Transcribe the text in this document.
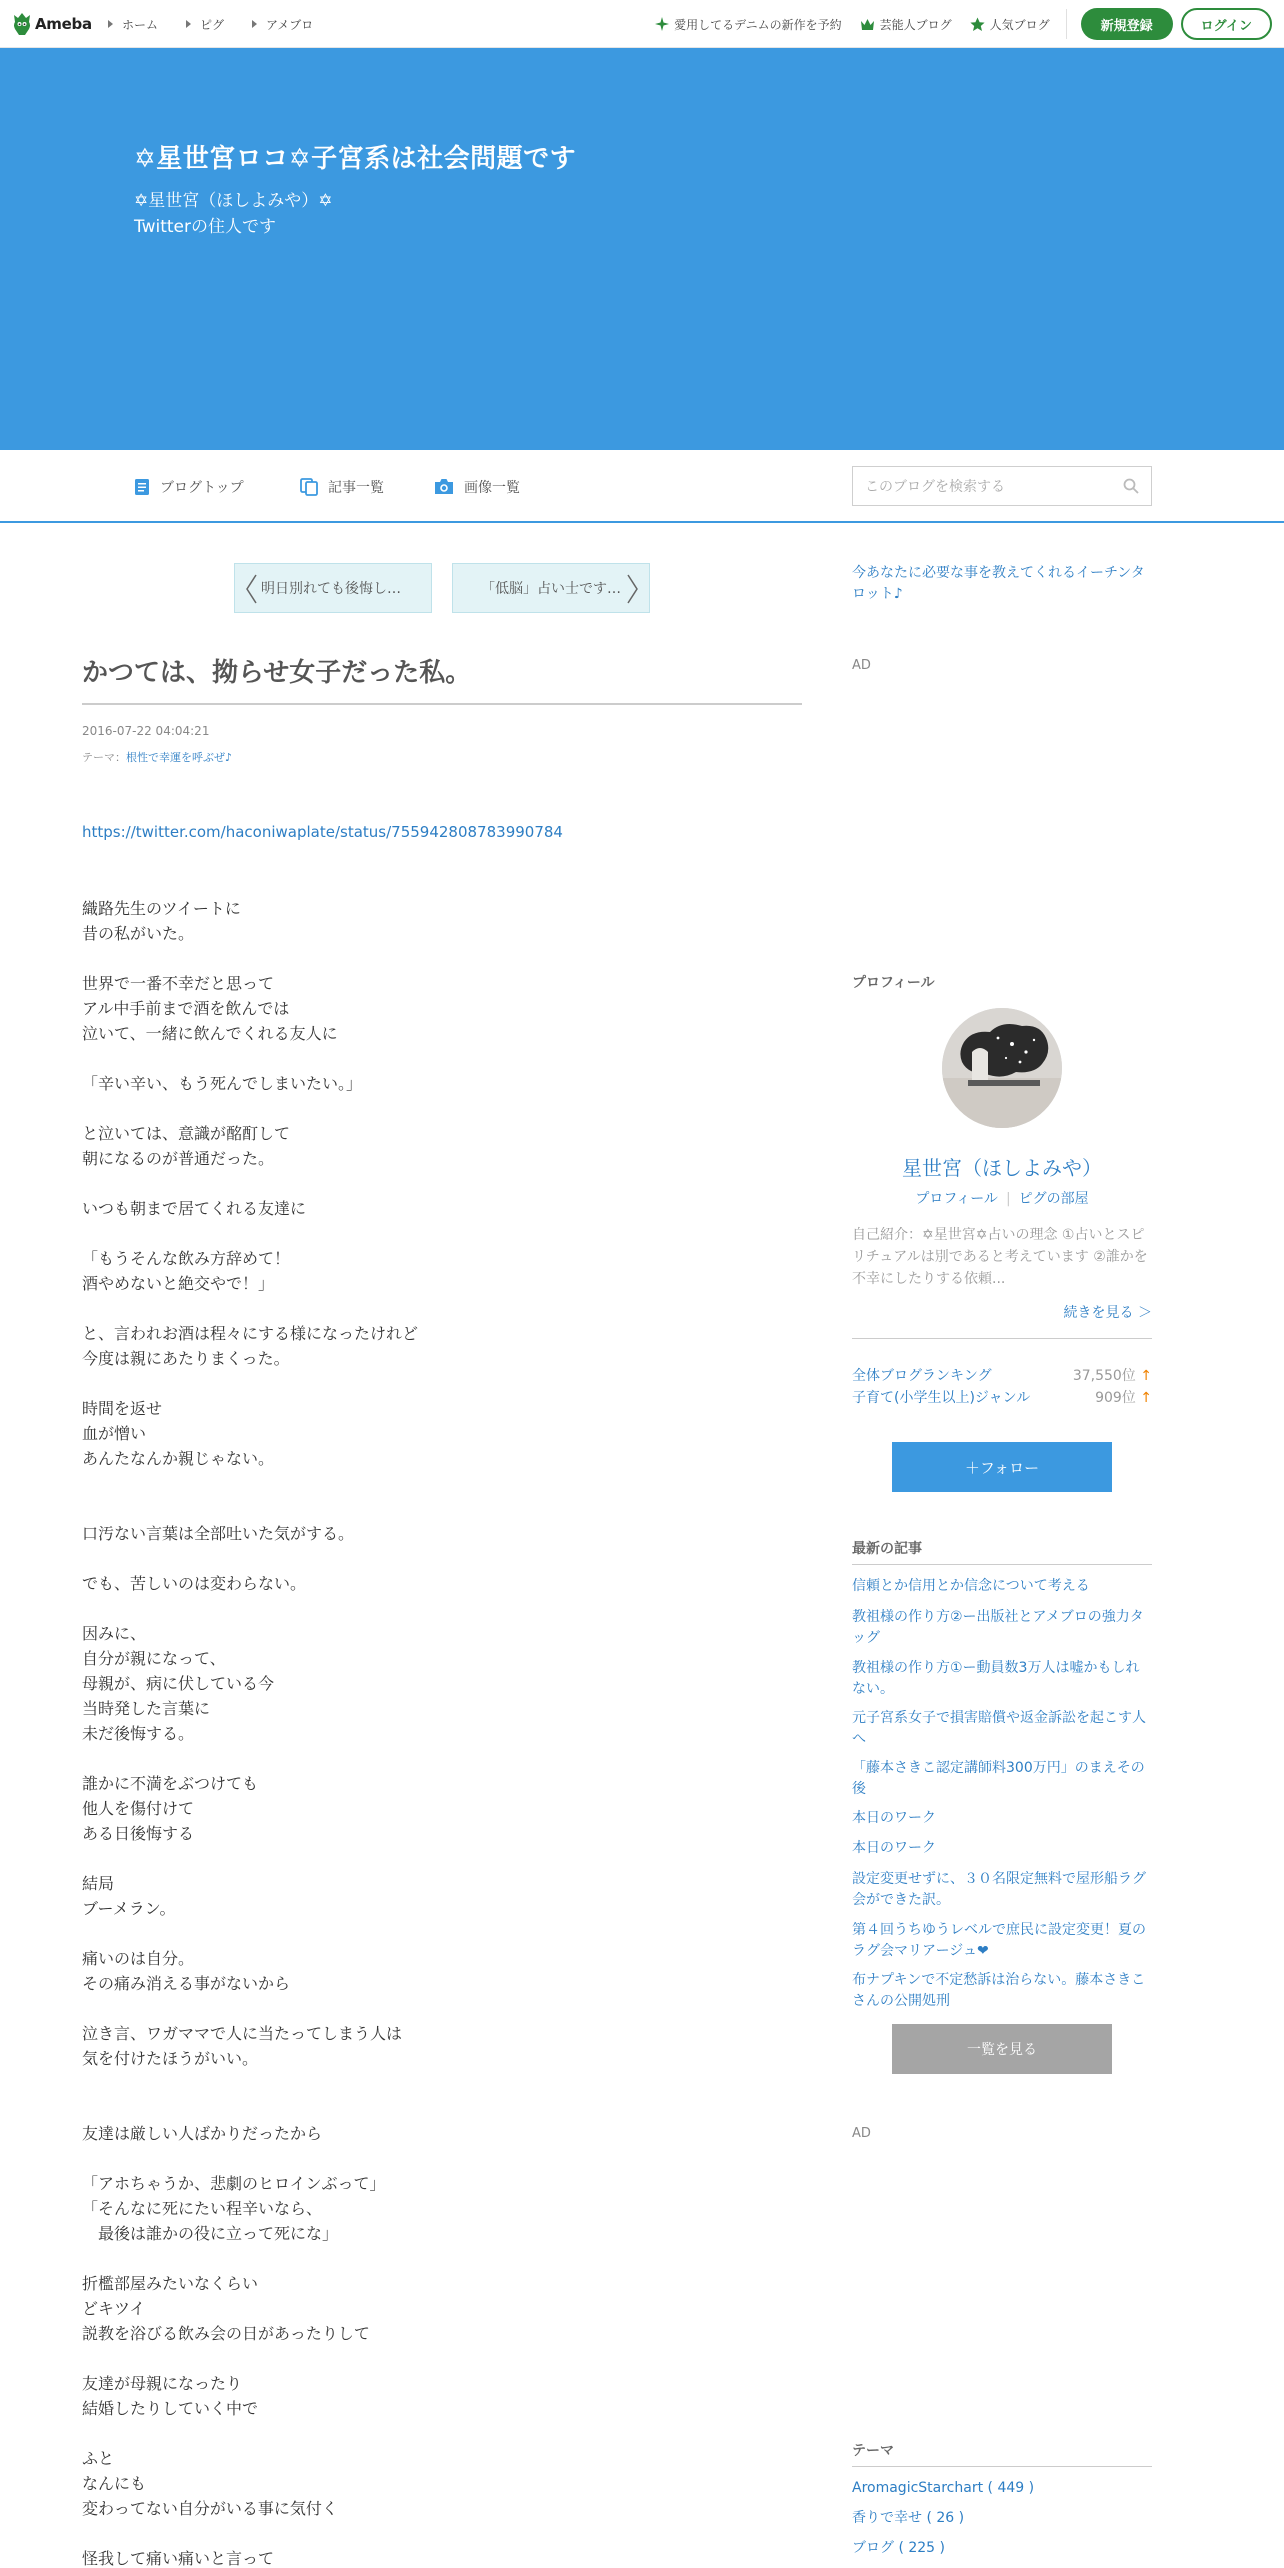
Ameba	ホーム	ピグ	アメブロ	愛用してるデニムの新作を予約	芸能人ブログ	人気ブログ	新規登録	ログイン
✡星世宮ロコ✡子宮系は社会問題です
✡星世宮（ほしよみや）✡
Twitterの住人です
ブログトップ	記事一覧	画像一覧	このブログを検索する
明日別れても後悔し…	「低脳」占い士です…
かつては、拗らせ女子だった私。
2016-07-22 04:04:21
テーマ：根性で幸運を呼ぶぜ♪
https://twitter.com/haconiwaplate/status/755942808783990784

織路先生のツイートに

昔の私がいた。

世界で一番不幸だと思って

アル中手前まで酒を飲んでは

泣いて、一緒に飲んでくれる友人に

「辛い辛い、もう死んでしまいたい。」

と泣いては、意識が酩酊して

朝になるのが普通だった。

いつも朝まで居てくれる友達に

「もうそんな飲み方辞めて！

酒やめないと絶交やで！」

と、言われお酒は程々にする様になったけれど

今度は親にあたりまくった。

時間を返せ

血が憎い

あんたなんか親じゃない。

口汚ない言葉は全部吐いた気がする。

でも、苦しいのは変わらない。

因みに、

自分が親になって、

母親が、病に伏している今

当時発した言葉に

未だ後悔する。

誰かに不満をぶつけても

他人を傷付けて

ある日後悔する

結局

ブーメラン。

痛いのは自分。

その痛み消える事がないから

泣き言、ワガママで人に当たってしまう人は

気を付けたほうがいい。

友達は厳しい人ばかりだったから

「アホちゃうか、悲劇のヒロインぶって」

「そんなに死にたい程辛いなら、

　最後は誰かの役に立って死にな」

折檻部屋みたいなくらい

どキツイ

説教を浴びる飲み会の日があったりして

友達が母親になったり

結婚したりしていく中で

ふと

なんにも

変わってない自分がいる事に気付く

怪我して痛い痛いと言って

今あなたに必要な事を教えてくれるイーチンタロット♪
AD
プロフィール
星世宮（ほしよみや）
プロフィール | ピグの部屋
自己紹介：✡星世宮✡占いの理念 ①占いとスピリチュアルは別であると考えています ②誰かを不幸にしたりする依頼...
続きを見る ＞
全体ブログランキング	37,550位 ↑
子育て(小学生以上)ジャンル	909位 ↑
＋フォロー
最新の記事
信頼とか信用とか信念について考える
教祖様の作り方②ー出版社とアメブロの強力タッグ
教祖様の作り方①ー動員数3万人は嘘かもしれない。
元子宮系女子で損害賠償や返金訴訟を起こす人へ
「藤本さきこ認定講師料300万円」のまえその後
本日のワーク
本日のワーク
設定変更せずに、３０名限定無料で屋形船ラグ会ができた訳。
第４回うちゆうレベルで庶民に設定変更！夏のラグ会マリアージュ❤
布ナプキンで不定愁訴は治らない。藤本さきこさんの公開処刑
一覧を見る
AD
テーマ
AromagicStarchart ( 449 )
香りで幸せ ( 26 )
ブログ ( 225 )
